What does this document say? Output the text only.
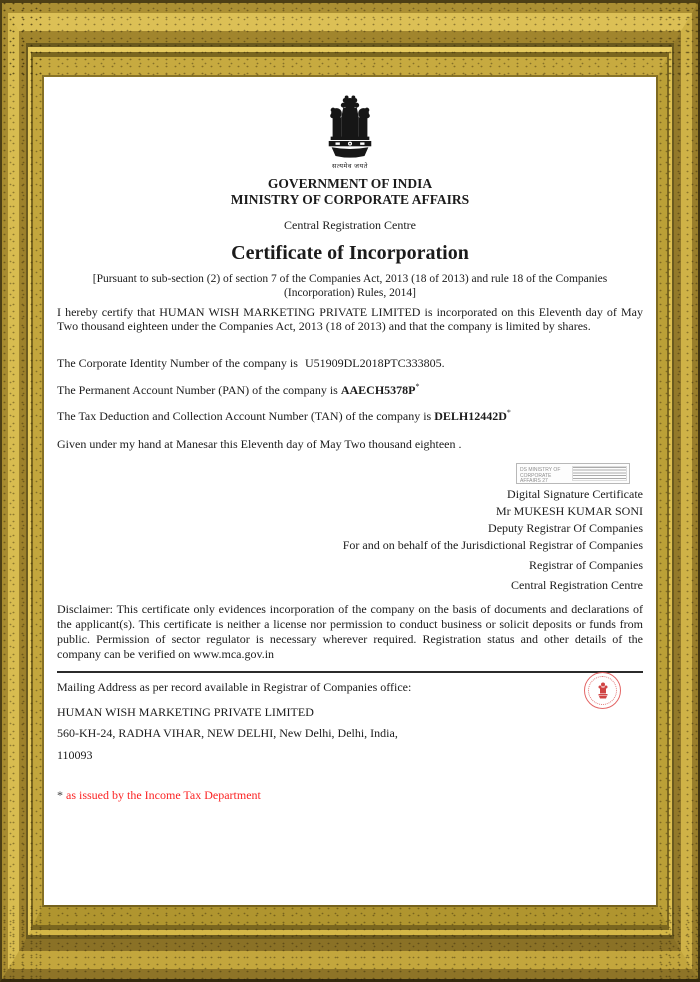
सत्यमेव जयते
GOVERNMENT OF INDIA
MINISTRY OF CORPORATE AFFAIRS
Central Registration Centre
Certificate of Incorporation
[Pursuant to sub-section (2) of section 7 of the Companies Act, 2013 (18 of 2013) and rule 18 of the Companies (Incorporation) Rules, 2014]
I hereby certify that HUMAN WISH MARKETING PRIVATE LIMITED is incorporated on this Eleventh day of May Two thousand eighteen under the Companies Act, 2013 (18 of 2013) and that the company is limited by shares.
The Corporate Identity Number of the company is U51909DL2018PTC333805.
The Permanent Account Number (PAN) of the company is AAECH5378P*
The Tax Deduction and Collection Account Number (TAN) of the company is DELH12442D*
Given under my hand at Manesar this Eleventh day of May Two thousand eighteen .
DS MINISTRY OF
CORPORATE AFFAIRS 27
Digital Signature Certificate
Mr MUKESH KUMAR SONI
Deputy Registrar Of Companies
For and on behalf of the Jurisdictional Registrar of Companies
Registrar of Companies
Central Registration Centre
Disclaimer: This certificate only evidences incorporation of the company on the basis of documents and declarations of the applicant(s). This certificate is neither a license nor permission to conduct business or solicit deposits or funds from public. Permission of sector regulator is necessary wherever required. Registration status and other details of the company can be verified on www.mca.gov.in
Mailing Address as per record available in Registrar of Companies office:
HUMAN WISH MARKETING PRIVATE LIMITED
560-KH-24, RADHA VIHAR, NEW DELHI, New Delhi, Delhi, India,
110093
* as issued by the Income Tax Department
